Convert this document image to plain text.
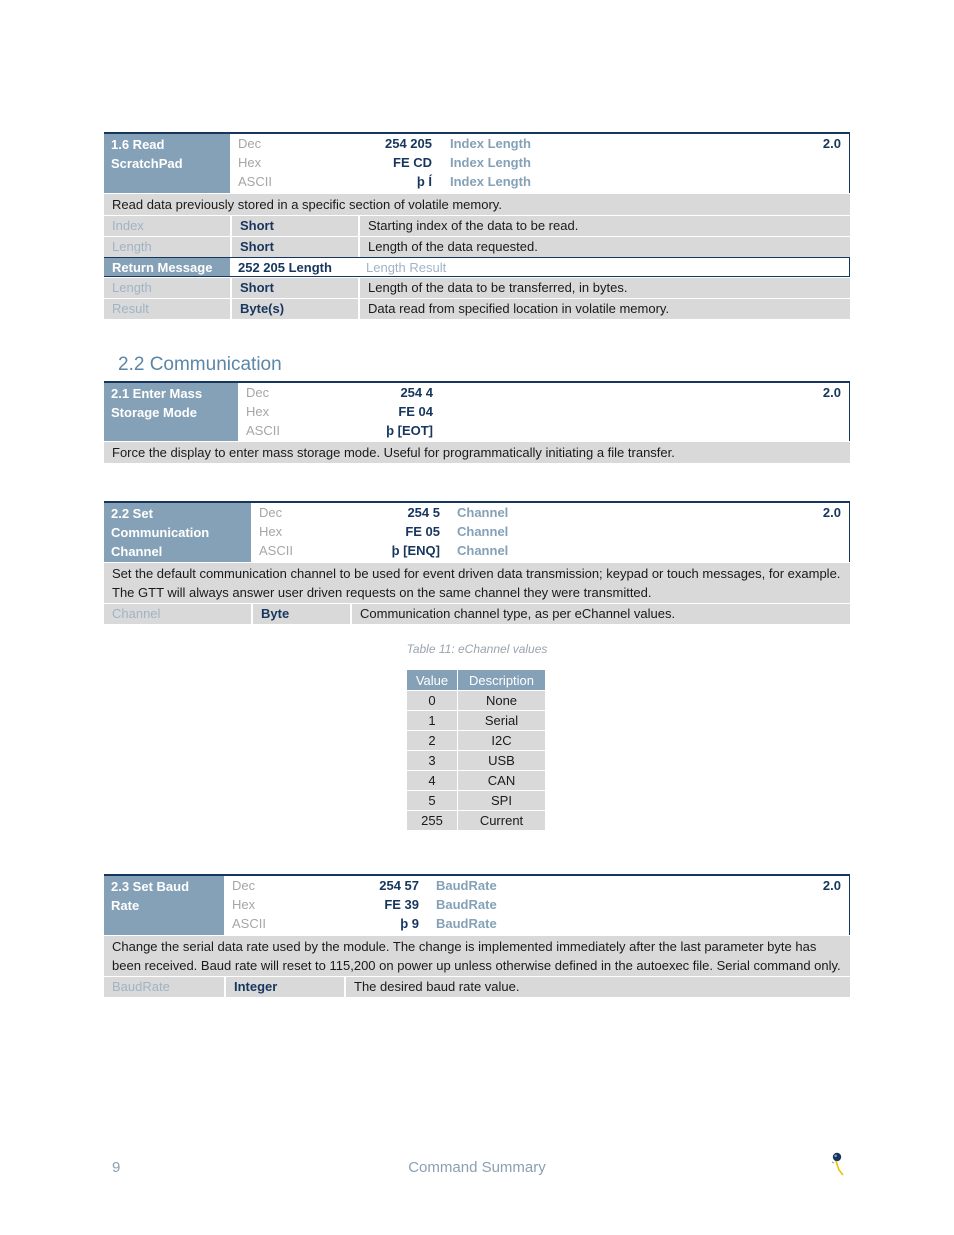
1.6 Read ScratchPad
Dec	254 205 Index Length	2.0
Hex	FE CD Index Length
ASCII	þ Í Index Length
Read data previously stored in a specific section of volatile memory.
Index	Short	Starting index of the data to be read.
Length	Short	Length of the data requested.
Return Message	252 205 Length	Length Result
Length	Short	Length of the data to be transferred, in bytes.
Result	Byte(s)	Data read from specified location in volatile memory.
2.2 Communication
2.1 Enter Mass Storage Mode
Dec	254 4	2.0
Hex	FE 04
ASCII	þ [EOT]
Force the display to enter mass storage mode. Useful for programmatically initiating a file transfer.
2.2 Set Communication Channel
Dec	254 5 Channel	2.0
Hex	FE 05 Channel
ASCII	þ [ENQ] Channel
Set the default communication channel to be used for event driven data transmission; keypad or touch messages, for example. The GTT will always answer user driven requests on the same channel they were transmitted.
Channel	Byte	Communication channel type, as per eChannel values.
Table 11: eChannel values
Value	Description
0	None
1	Serial
2	I2C
3	USB
4	CAN
5	SPI
255	Current
2.3 Set Baud Rate
Dec	254 57 BaudRate	2.0
Hex	FE 39 BaudRate
ASCII	þ 9 BaudRate
Change the serial data rate used by the module. The change is implemented immediately after the last parameter byte has been received. Baud rate will reset to 115,200 on power up unless otherwise defined in the autoexec file. Serial command only.
BaudRate	Integer	The desired baud rate value.
9	Command Summary
